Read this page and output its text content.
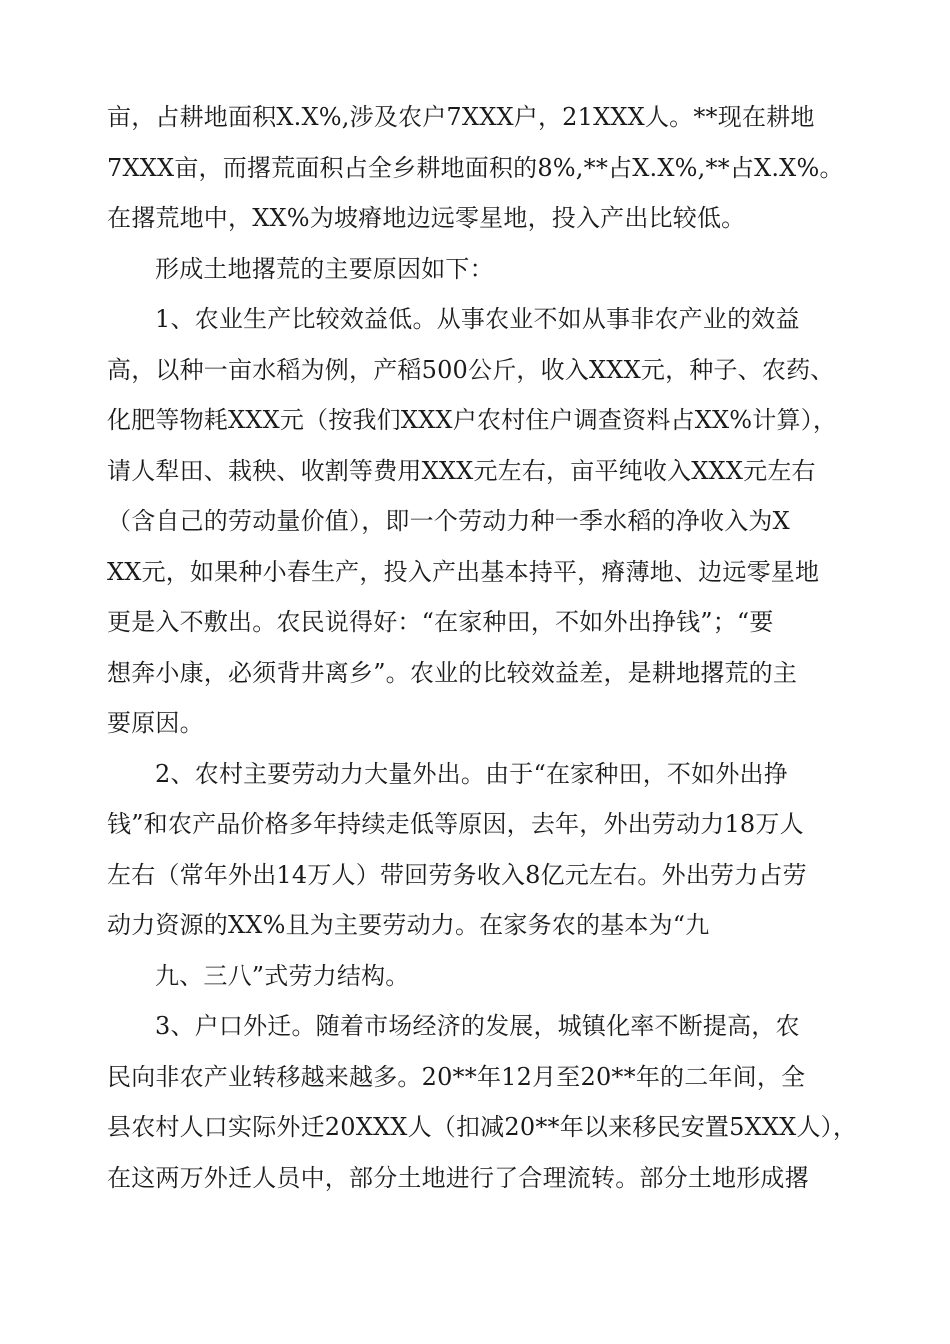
亩，占耕地面积X.X%,涉及农户7XXX户，21XXX人。**现在耕地
7XXX亩，而撂荒面积占全乡耕地面积的8%,**占X.X%,**占X.X%。
在撂荒地中，XX%为坡瘠地边远零星地，投入产出比较低。
形成土地撂荒的主要原因如下：
1、农业生产比较效益低。从事农业不如从事非农产业的效益
高，以种一亩水稻为例，产稻500公斤，收入XXX元，种子、农药、
化肥等物耗XXX元（按我们XXX户农村住户调查资料占XX%计算），
请人犁田、栽秧、收割等费用XXX元左右，亩平纯收入XXX元左右
（含自己的劳动量价值），即一个劳动力种一季水稻的净收入为X
XX元，如果种小春生产，投入产出基本持平，瘠薄地、边远零星地
更是入不敷出。农民说得好：“在家种田，不如外出挣钱”；“要
想奔小康，必须背井离乡”。农业的比较效益差，是耕地撂荒的主
要原因。
2、农村主要劳动力大量外出。由于“在家种田，不如外出挣
钱”和农产品价格多年持续走低等原因，去年，外出劳动力18万人
左右（常年外出14万人）带回劳务收入8亿元左右。外出劳力占劳
动力资源的XX%且为主要劳动力。在家务农的基本为“九
九、三八”式劳力结构。
3、户口外迁。随着市场经济的发展，城镇化率不断提高，农
民向非农产业转移越来越多。20**年12月至20**年的二年间，全
县农村人口实际外迁20XXX人（扣减20**年以来移民安置5XXX人），
在这两万外迁人员中，部分土地进行了合理流转。部分土地形成撂
